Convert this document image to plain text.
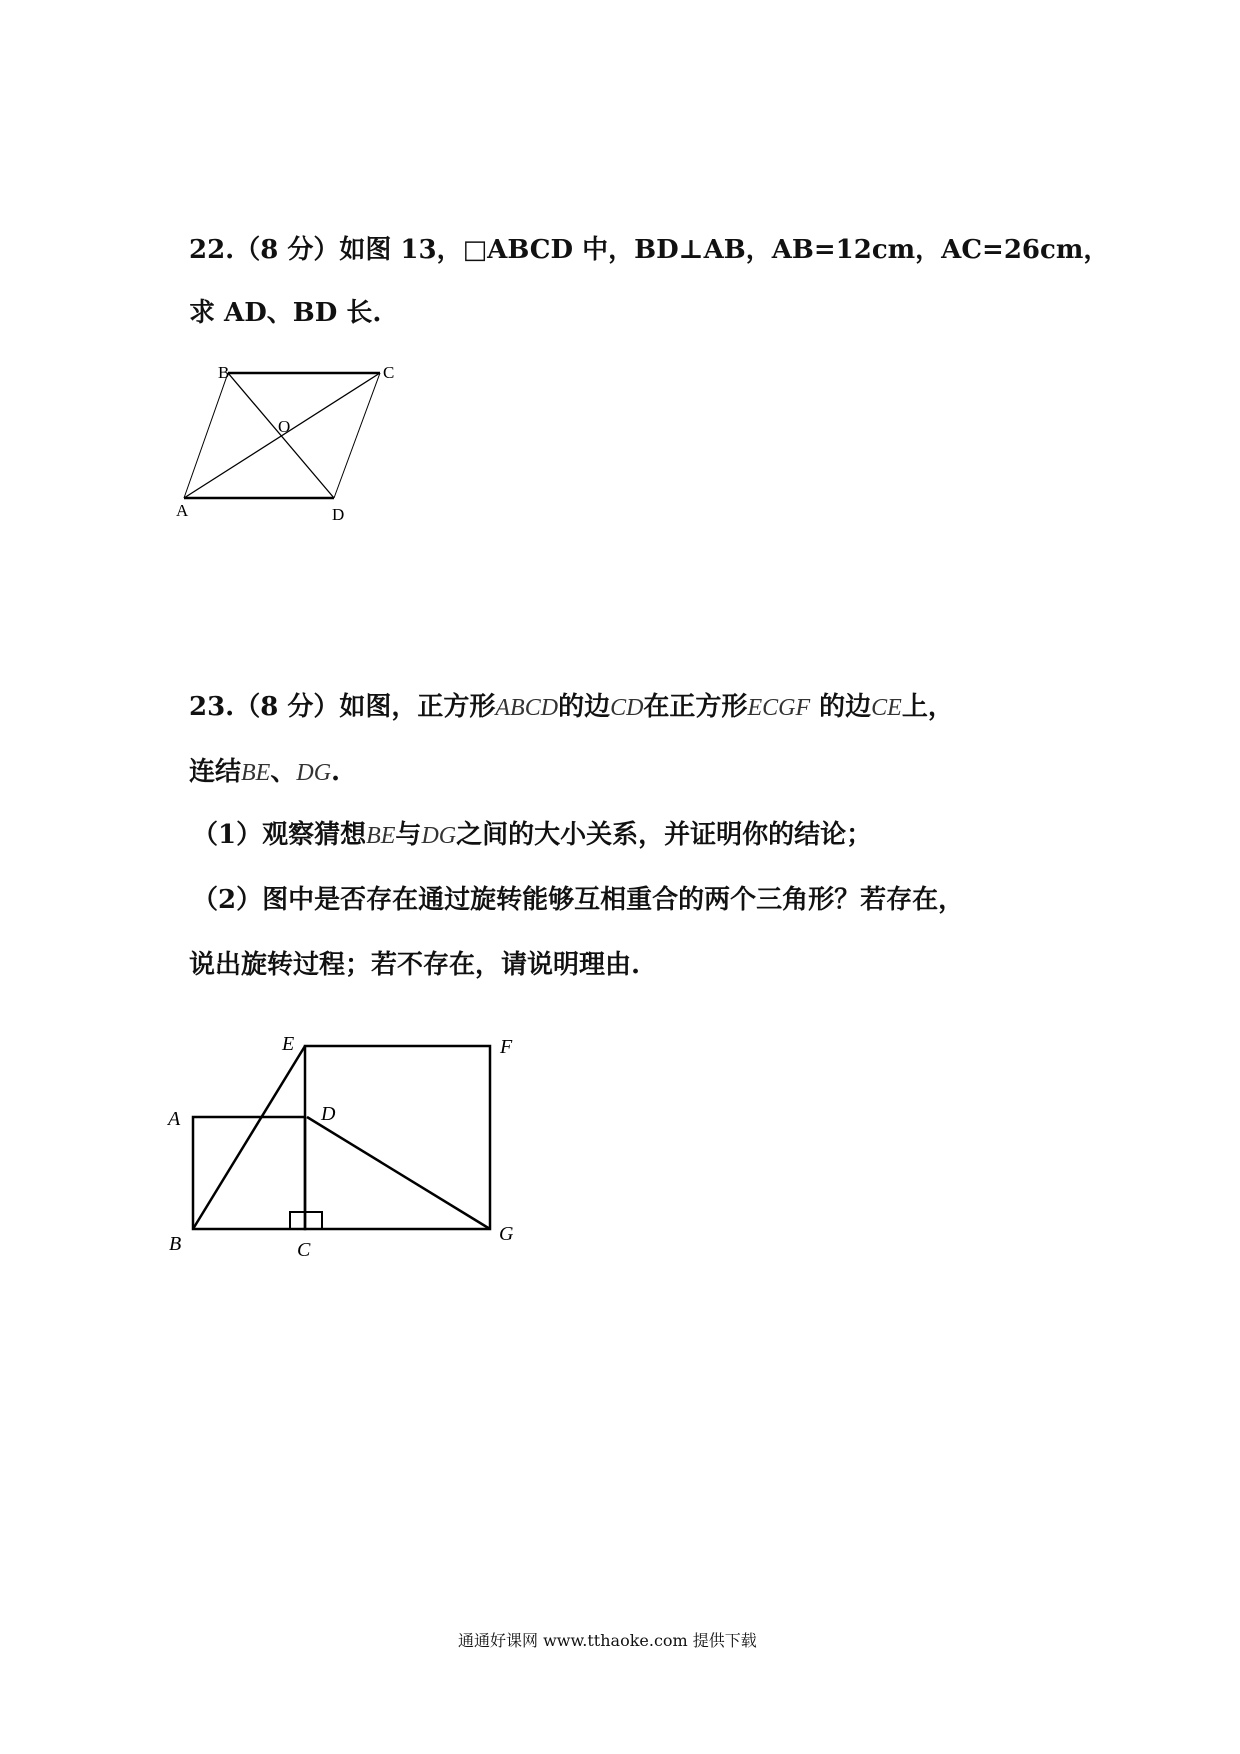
22.（8 分）如图 13，□ABCD 中，BD⊥AB，AB=12cm，AC=26cm，
求 AD、BD 长.
B	C
A	D
O
E	F
A	D
B	C
G
23.（8 分）如图，正方形ABCD的边CD在正方形ECGF 的边CE上，
连结BE、DG.
（1）观察猜想BE与DG之间的大小关系，并证明你的结论；
（2）图中是否存在通过旋转能够互相重合的两个三角形？若存在，
说出旋转过程；若不存在，请说明理由.
通通好课网 www.tthaoke.com 提供下载
